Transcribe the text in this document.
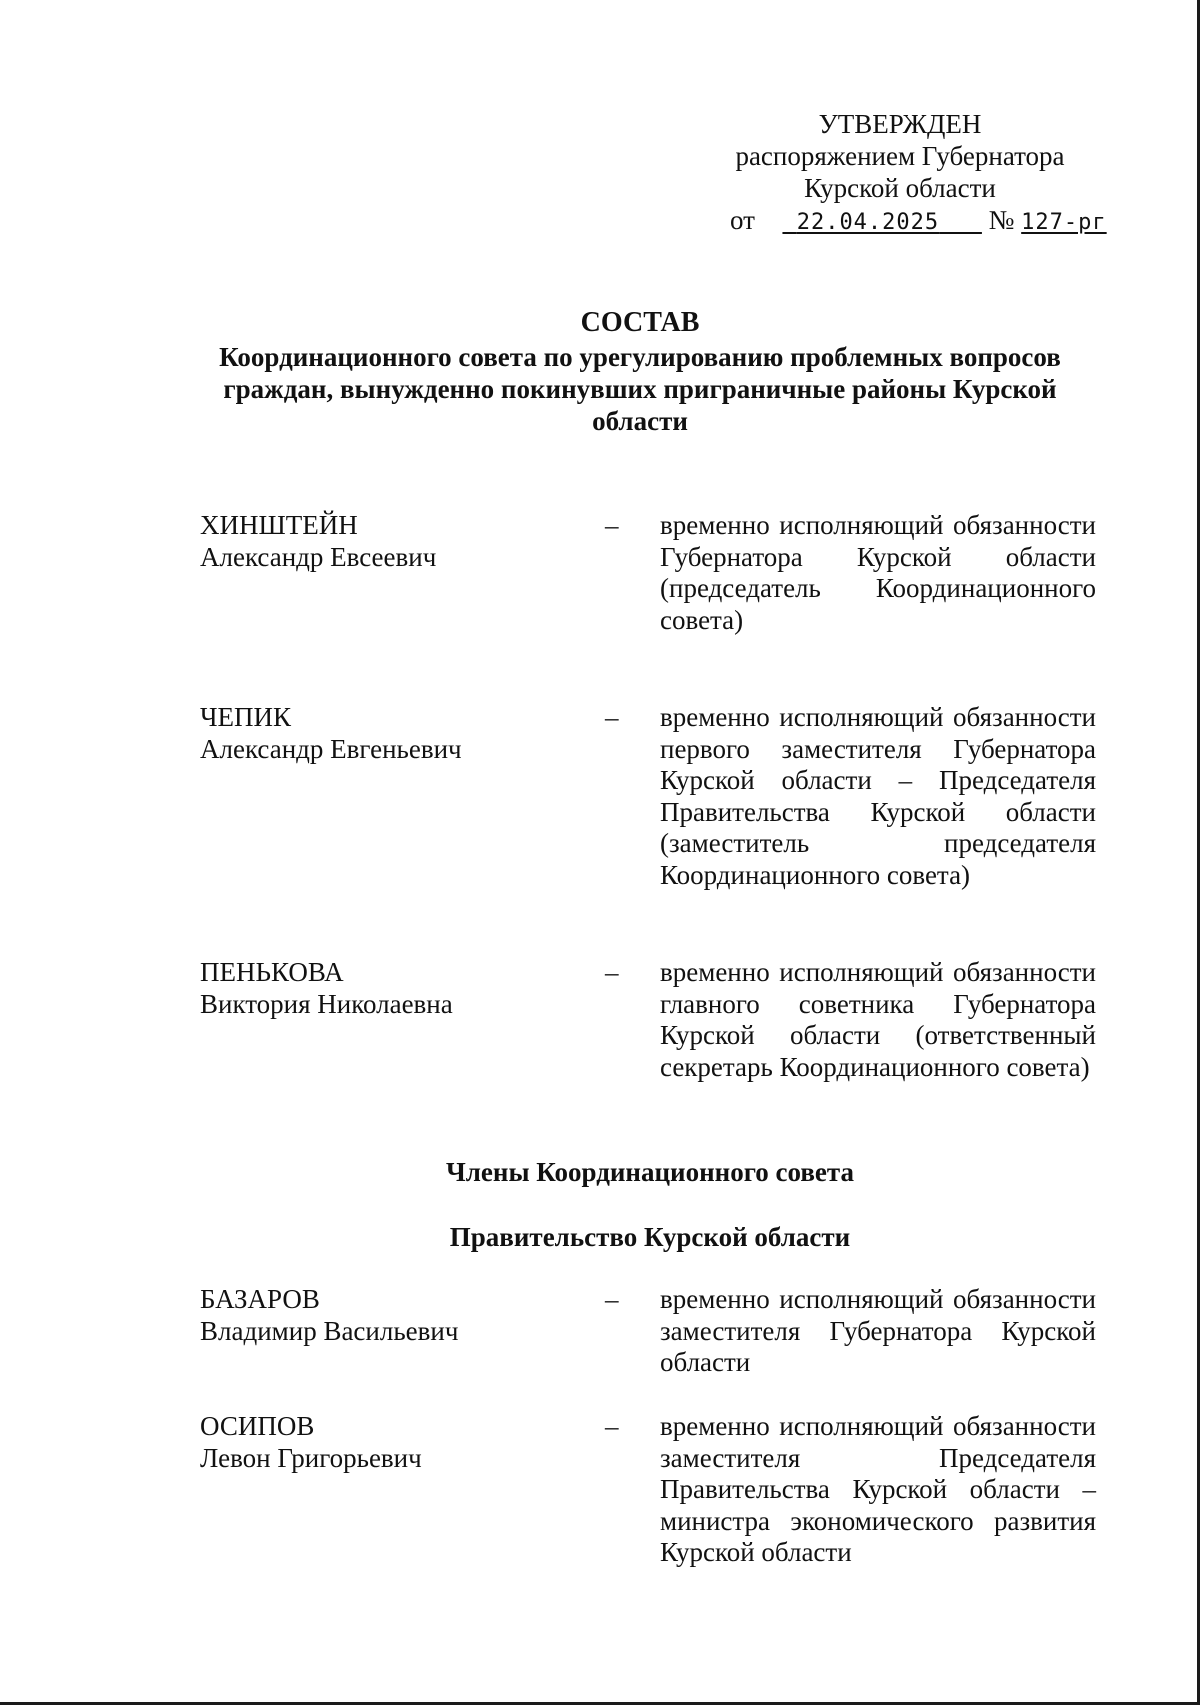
УТВЕРЖДЕН
распоряжением Губернатора
Курской области
от 22.04.2025 № 127-рг
СОСТАВ
Координационного совета по урегулированию проблемных вопросов граждан, вынужденно покинувших приграничные районы Курской области
ХИНШТЕЙН
Александр Евсеевич
– временно исполняющий обязанности Губернатора Курской области (председатель Координационного совета)
ЧЕПИК
Александр Евгеньевич
– временно исполняющий обязанности первого заместителя Губернатора Курской области – Председателя Правительства Курской области (заместитель председателя Координационного совета)
ПЕНЬКОВА
Виктория Николаевна
– временно исполняющий обязанности главного советника Губернатора Курской области (ответственный секретарь Координационного совета)
Члены Координационного совета
Правительство Курской области
БАЗАРОВ
Владимир Васильевич
– временно исполняющий обязанности заместителя Губернатора Курской области
ОСИПОВ
Левон Григорьевич
– временно исполняющий обязанности заместителя Председателя Правительства Курской области – министра экономического развития Курской области
